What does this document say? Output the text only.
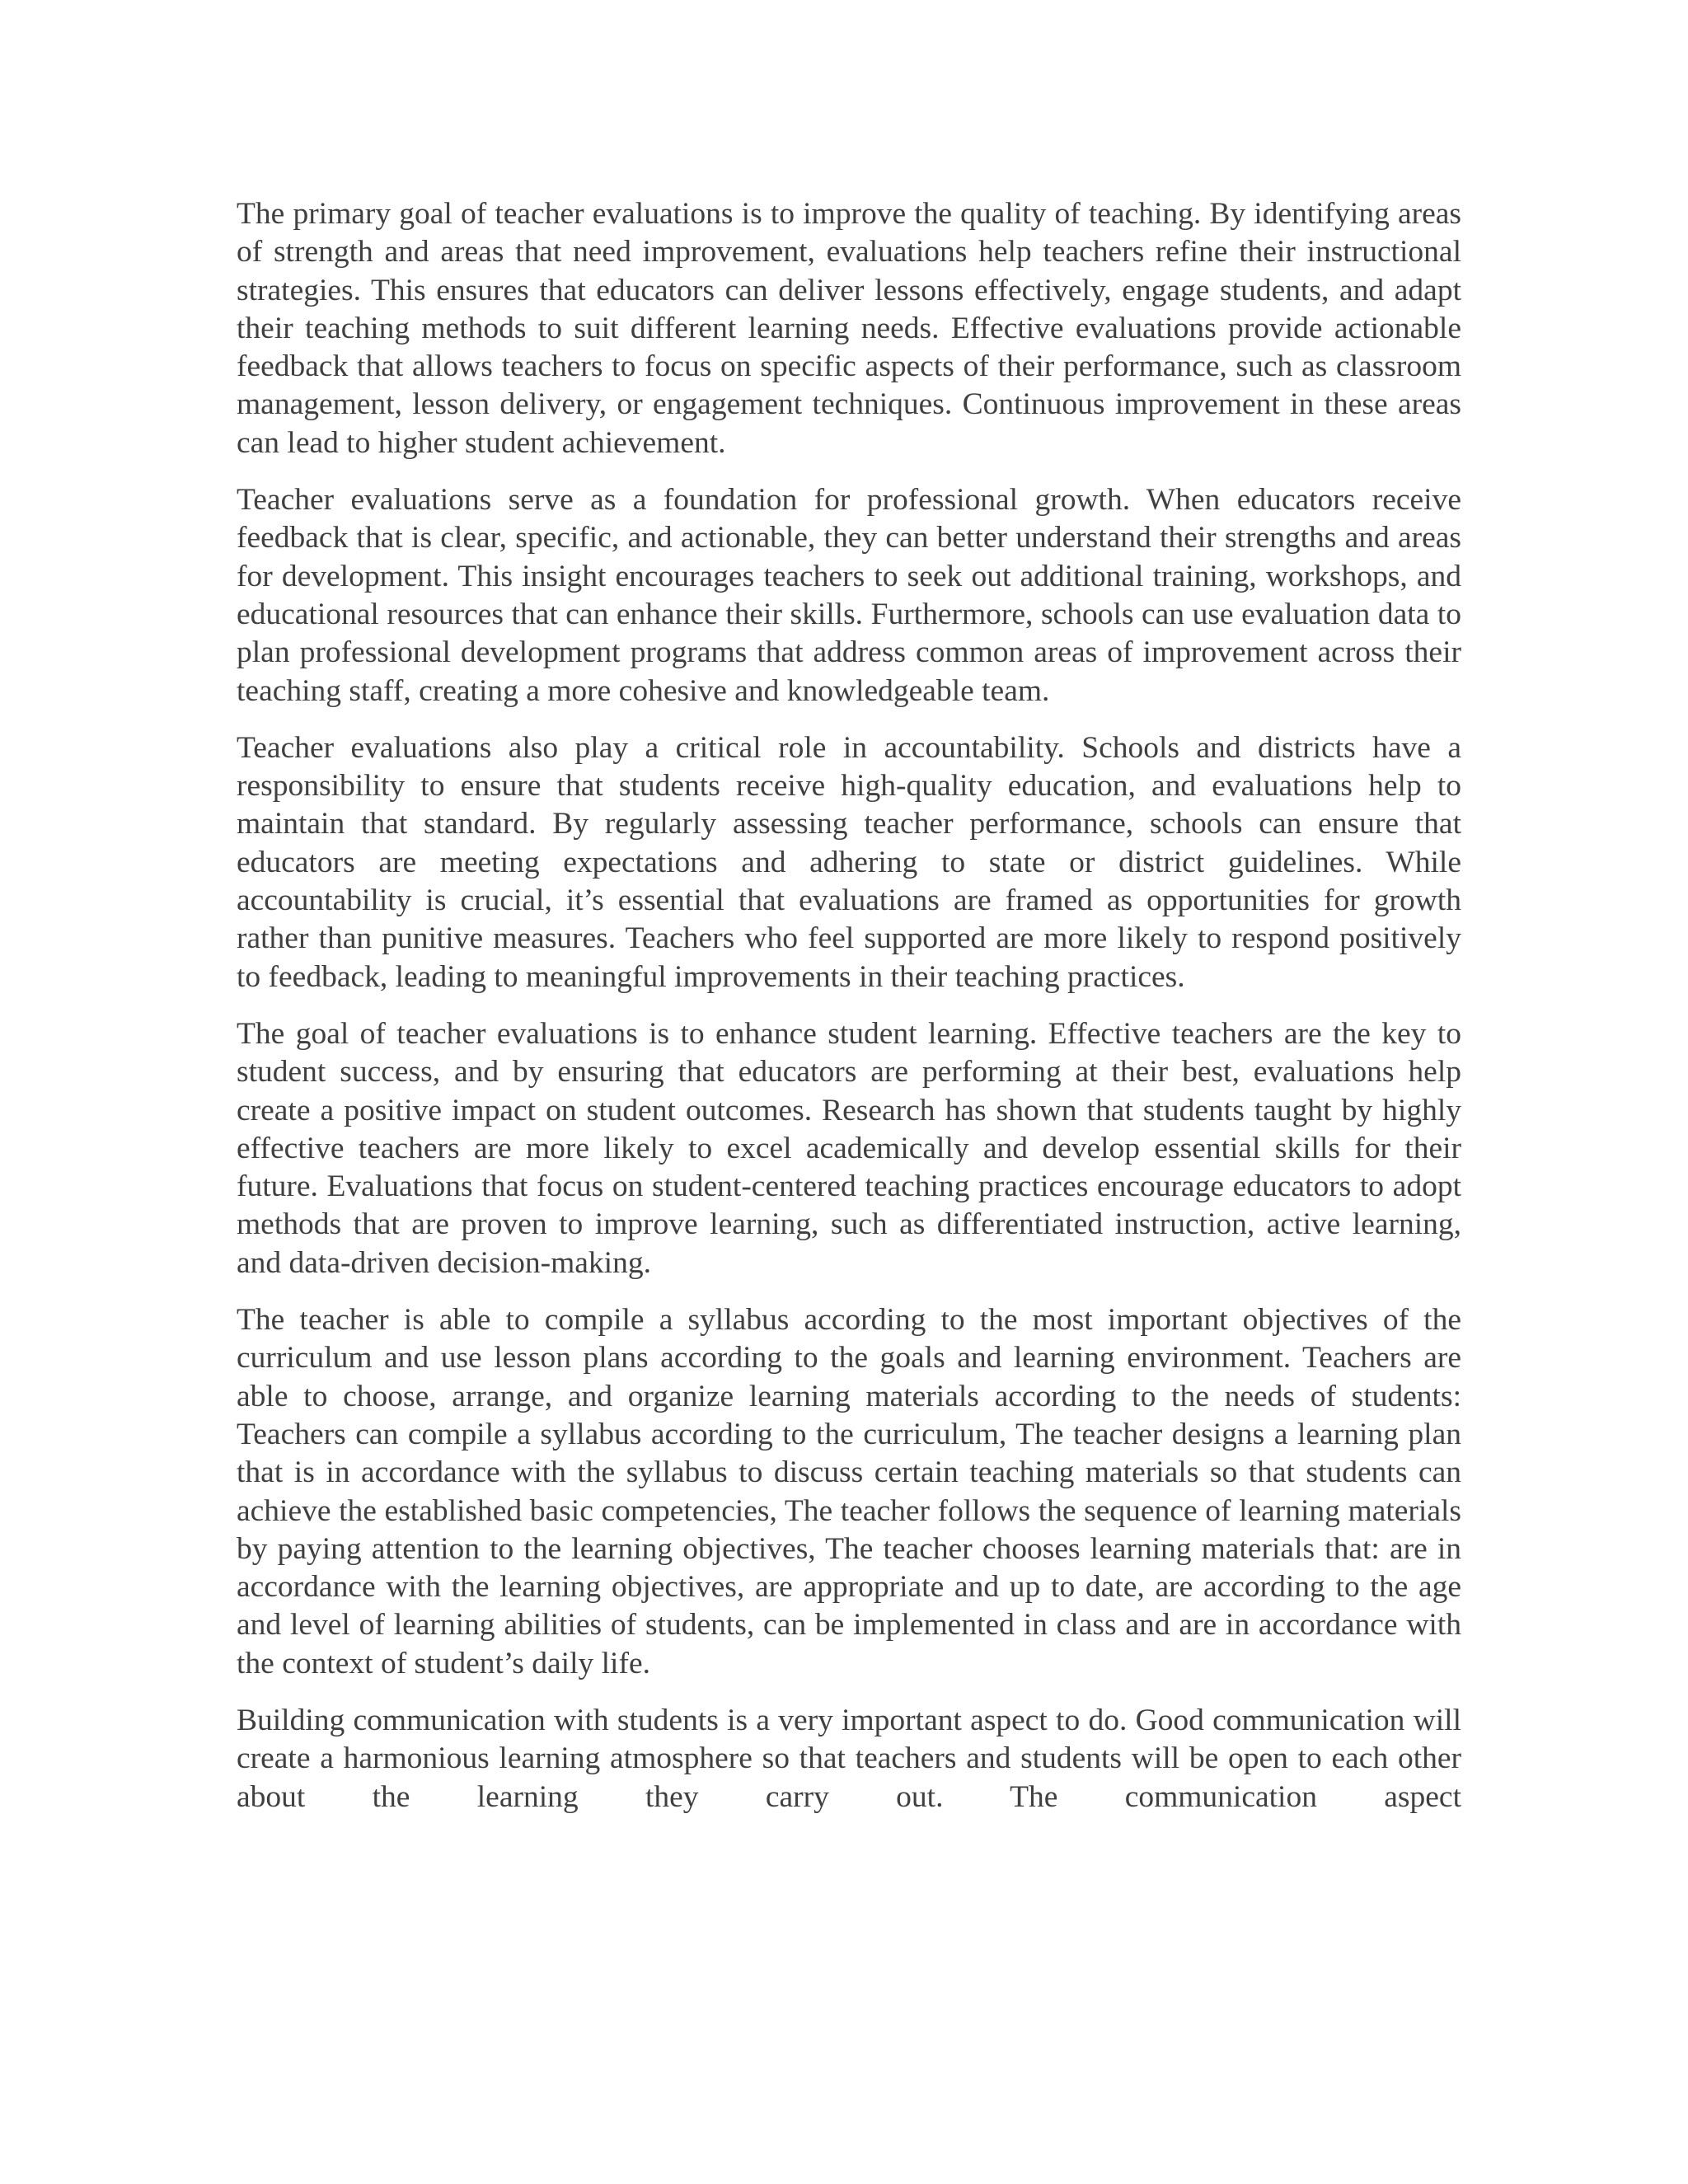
The primary goal of teacher evaluations is to improve the quality of teaching. By identifying areas of strength and areas that need improvement, evaluations help teachers refine their instructional strategies. This ensures that educators can deliver lessons effectively, engage students, and adapt their teaching methods to suit different learning needs. Effective evaluations provide actionable feedback that allows teachers to focus on specific aspects of their performance, such as classroom management, lesson delivery, or engagement techniques. Continuous improvement in these areas can lead to higher student achievement.

Teacher evaluations serve as a foundation for professional growth. When educators receive feedback that is clear, specific, and actionable, they can better understand their strengths and areas for development. This insight encourages teachers to seek out additional training, workshops, and educational resources that can enhance their skills. Furthermore, schools can use evaluation data to plan professional development programs that address common areas of improvement across their teaching staff, creating a more cohesive and knowledgeable team.

Teacher evaluations also play a critical role in accountability. Schools and districts have a responsibility to ensure that students receive high-quality education, and evaluations help to maintain that standard. By regularly assessing teacher performance, schools can ensure that educators are meeting expectations and adhering to state or district guidelines. While accountability is crucial, it’s essential that evaluations are framed as opportunities for growth rather than punitive measures. Teachers who feel supported are more likely to respond positively to feedback, leading to meaningful improvements in their teaching practices.

The goal of teacher evaluations is to enhance student learning. Effective teachers are the key to student success, and by ensuring that educators are performing at their best, evaluations help create a positive impact on student outcomes. Research has shown that students taught by highly effective teachers are more likely to excel academically and develop essential skills for their future. Evaluations that focus on student-centered teaching practices encourage educators to adopt methods that are proven to improve learning, such as differentiated instruction, active learning, and data-driven decision-making.

The teacher is able to compile a syllabus according to the most important objectives of the curriculum and use lesson plans according to the goals and learning environment. Teachers are able to choose, arrange, and organize learning materials according to the needs of students: Teachers can compile a syllabus according to the curriculum, The teacher designs a learning plan that is in accordance with the syllabus to discuss certain teaching materials so that students can achieve the established basic competencies, The teacher follows the sequence of learning materials by paying attention to the learning objectives, The teacher chooses learning materials that: are in accordance with the learning objectives, are appropriate and up to date, are according to the age and level of learning abilities of students, can be implemented in class and are in accordance with the context of student’s daily life.

Building communication with students is a very important aspect to do. Good communication will create a harmonious learning atmosphere so that teachers and students will be open to each other about the learning they carry out. The communication aspect
